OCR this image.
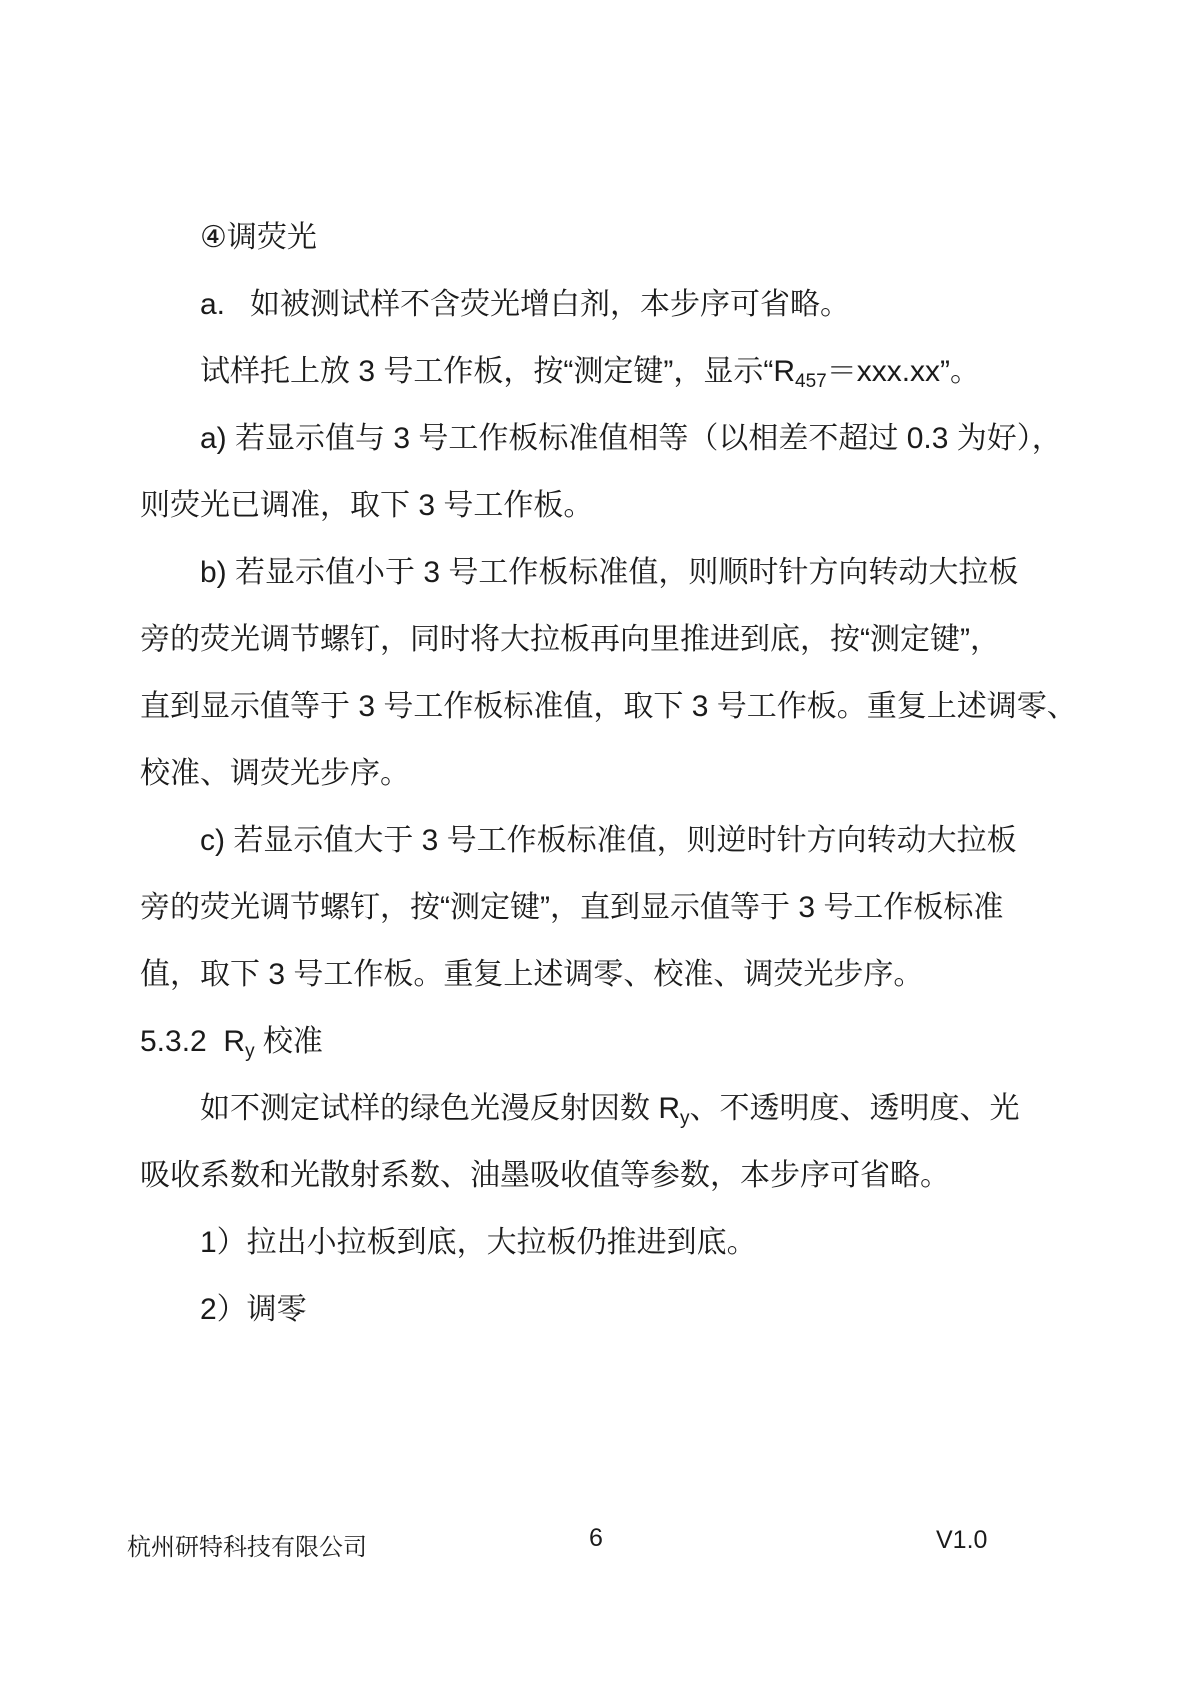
　　④调荧光
　　a.   如被测试样不含荧光增白剂，本步序可省略。
　　试样托上放 3 号工作板，按“测定键”，显示“$R_{457}=xxx.xx$”。
　　a) 若显示值与 3 号工作板标准值相等（以相差不超过 0.3 为好），
则荧光已调准，取下 3 号工作板。
　　b) 若显示值小于 3 号工作板标准值，则顺时针方向转动大拉板
旁的荧光调节螺钉，同时将大拉板再向里推进到底，按“测定键”，
直到显示值等于 3 号工作板标准值，取下 3 号工作板。重复上述调零、
校准、调荧光步序。
　　c) 若显示值大于 3 号工作板标准值，则逆时针方向转动大拉板
旁的荧光调节螺钉，按“测定键”，直到显示值等于 3 号工作板标准
值，取下 3 号工作板。重复上述调零、校准、调荧光步序。
5.3.2  $R_y$ 校准
　　如不测定试样的绿色光漫反射因数 $R_y$、不透明度、透明度、光
吸收系数和光散射系数、油墨吸收值等参数，本步序可省略。
　　1）拉出小拉板到底，大拉板仍推进到底。
　　2）调零
杭州研特科技有限公司	6	V1.0
